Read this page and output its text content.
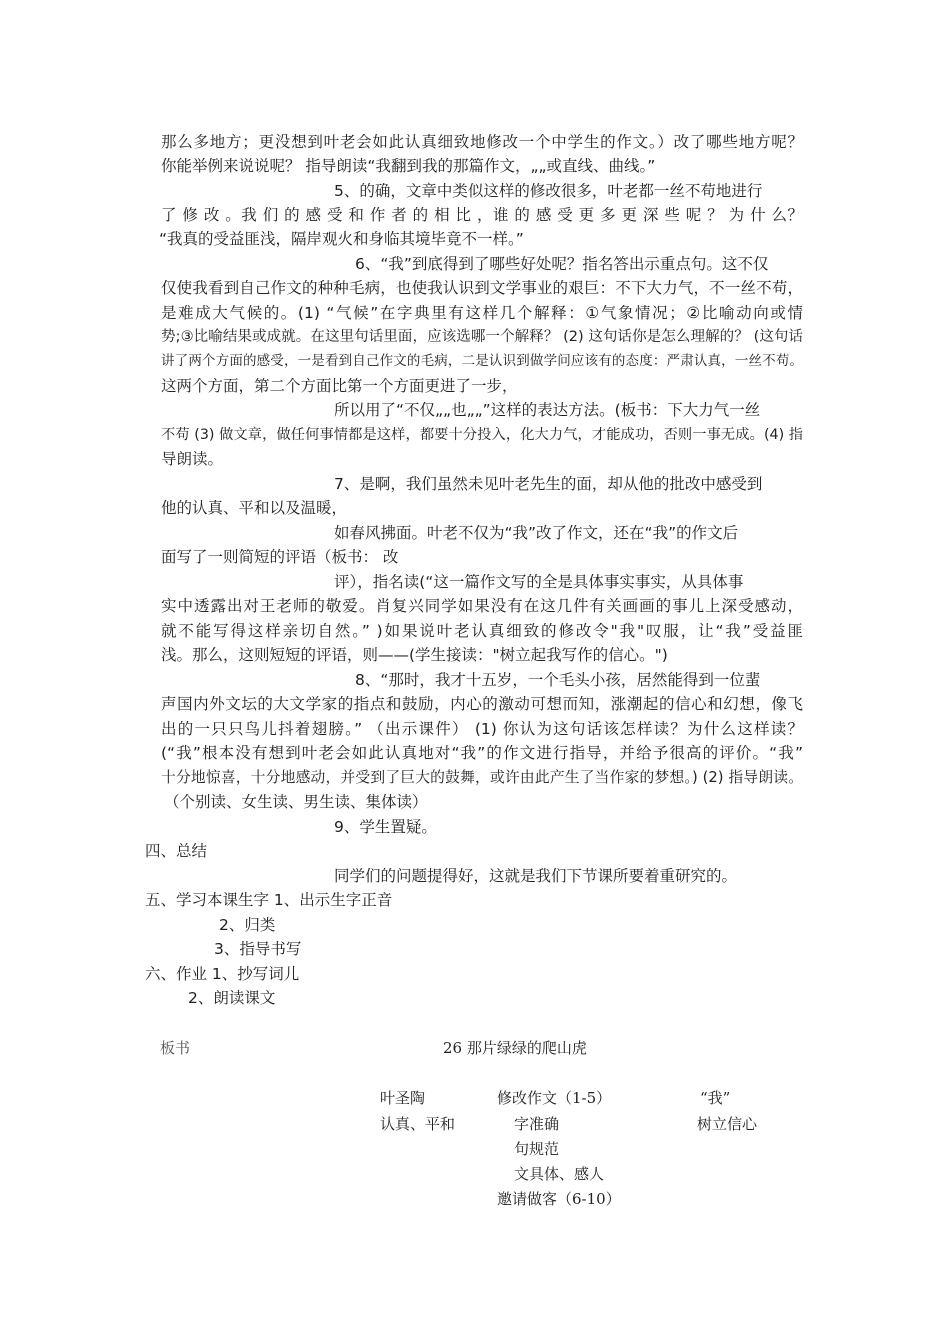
那么多地方；更没想到叶老会如此认真细致地修改一个中学生的作文。）改了哪些地方呢？
你能举例来说说呢？ 指导朗读“我翻到我的那篇作文，„„或直线、曲线。”
5、的确，文章中类似这样的修改很多，叶老都一丝不苟地进行
了 修 改 。我 们 的 感 受 和 作 者 的 相 比 ，谁 的 感 受 更 多 更 深 些 呢 ？ 为 什 么？
“我真的受益匪浅，隔岸观火和身临其境毕竟不一样。”
6、“我”到底得到了哪些好处呢？指名答出示重点句。这不仅
仅使我看到自己作文的种种毛病，也使我认识到文学事业的艰巨：不下大力气，不一丝不苟，
是难成大气候的。(1) “气候”在字典里有这样几个解释：①气象情况；②比喻动向或情
势;③比喻结果或成就。在这里句话里面，应该选哪一个解释？ (2) 这句话你是怎么理解的？ (这句话
讲了两个方面的感受，一是看到自己作文的毛病，二是认识到做学问应该有的态度：严肃认真，一丝不苟。
这两个方面，第二个方面比第一个方面更进了一步，
所以用了“不仅„„也„„”这样的表达方法。(板书：下大力气一丝
不苟 (3) 做文章，做任何事情都是这样，都要十分投入，化大力气，才能成功，否则一事无成。(4) 指
导朗读。
7、是啊，我们虽然未见叶老先生的面，却从他的批改中感受到
他的认真、平和以及温暖，
如春风拂面。叶老不仅为“我”改了作文，还在“我”的作文后
面写了一则简短的评语（板书： 改
评），指名读(“这一篇作文写的全是具体事实事实，从具体事
实中透露出对王老师的敬爱。肖复兴同学如果没有在这几件有关画画的事儿上深受感动，
就不能写得这样亲切自然。” )如果说叶老认真细致的修改令"我"叹服，让“我”受益匪
浅。那么，这则短短的评语，则——(学生接读："树立起我写作的信心。")
8、“那时，我才十五岁，一个毛头小孩，居然能得到一位蜚
声国内外文坛的大文学家的指点和鼓励，内心的激动可想而知，涨潮起的信心和幻想，像飞
出的一只只鸟儿抖着翅膀。” （出示课件） (1) 你认为这句话该怎样读？为什么这样读？
(“我”根本没有想到叶老会如此认真地对“我”的作文进行指导，并给予很高的评价。“我”
十分地惊喜，十分地感动，并受到了巨大的鼓舞，或许由此产生了当作家的梦想。) (2) 指导朗读。
（个别读、女生读、男生读、集体读）
9、学生置疑。
四、总结
同学们的问题提得好，这就是我们下节课所要着重研究的。
五、学习本课生字 1、出示生字正音
2、归类
3、指导书写
六、作业 1、抄写词儿
2、朗读课文
板书	26 那片绿绿的爬山虎
叶圣陶
认真、平和
修改作文（1-5）
字准确
句规范
文具体、感人
邀请做客（6-10）
“我”
树立信心
